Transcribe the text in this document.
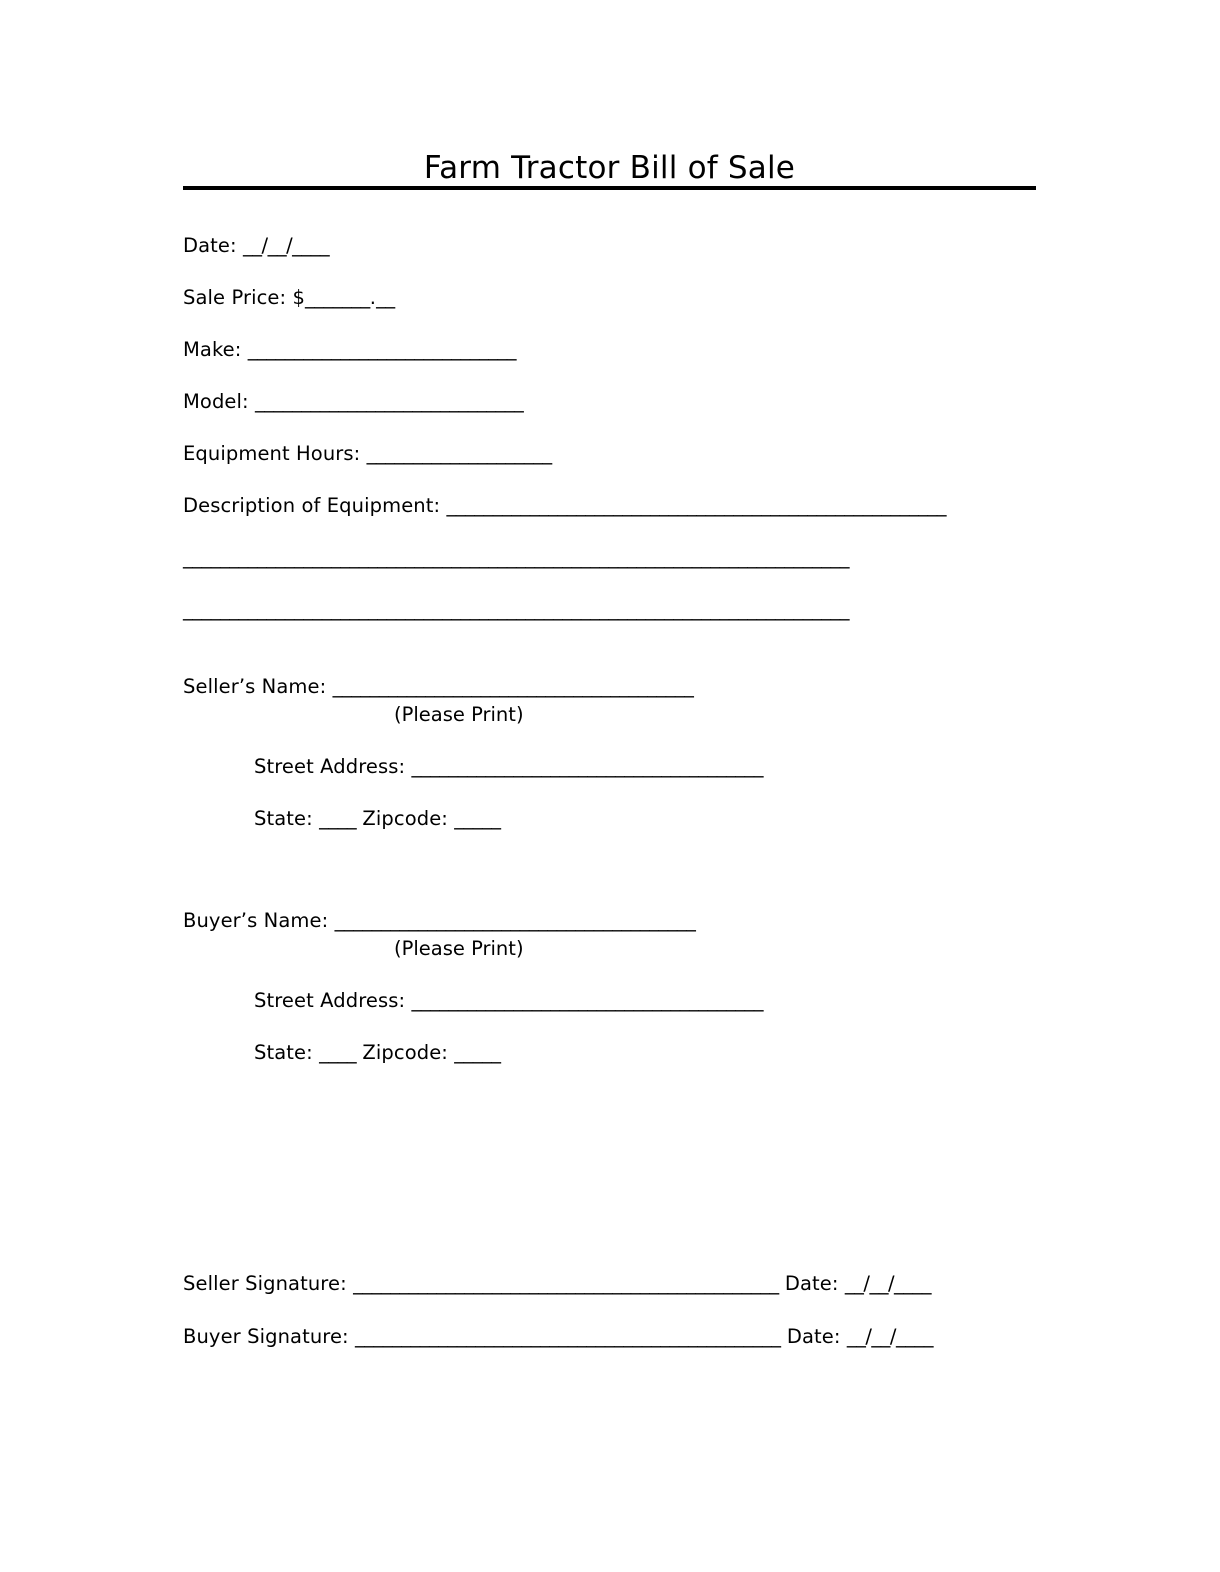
Farm Tractor Bill of Sale
Date: __/__/____
Sale Price: $_______.__
Make: _____________________________
Model: _____________________________
Equipment Hours: ____________________
Description of Equipment: ______________________________________________________
________________________________________________________________________
________________________________________________________________________
Seller’s Name: _______________________________________
(Please Print)
Street Address: ______________________________________
State: ____ Zipcode: _____
Buyer’s Name: _______________________________________
(Please Print)
Street Address: ______________________________________
State: ____ Zipcode: _____
Seller Signature: ______________________________________________ Date: __/__/____
Buyer Signature: ______________________________________________ Date: __/__/____
